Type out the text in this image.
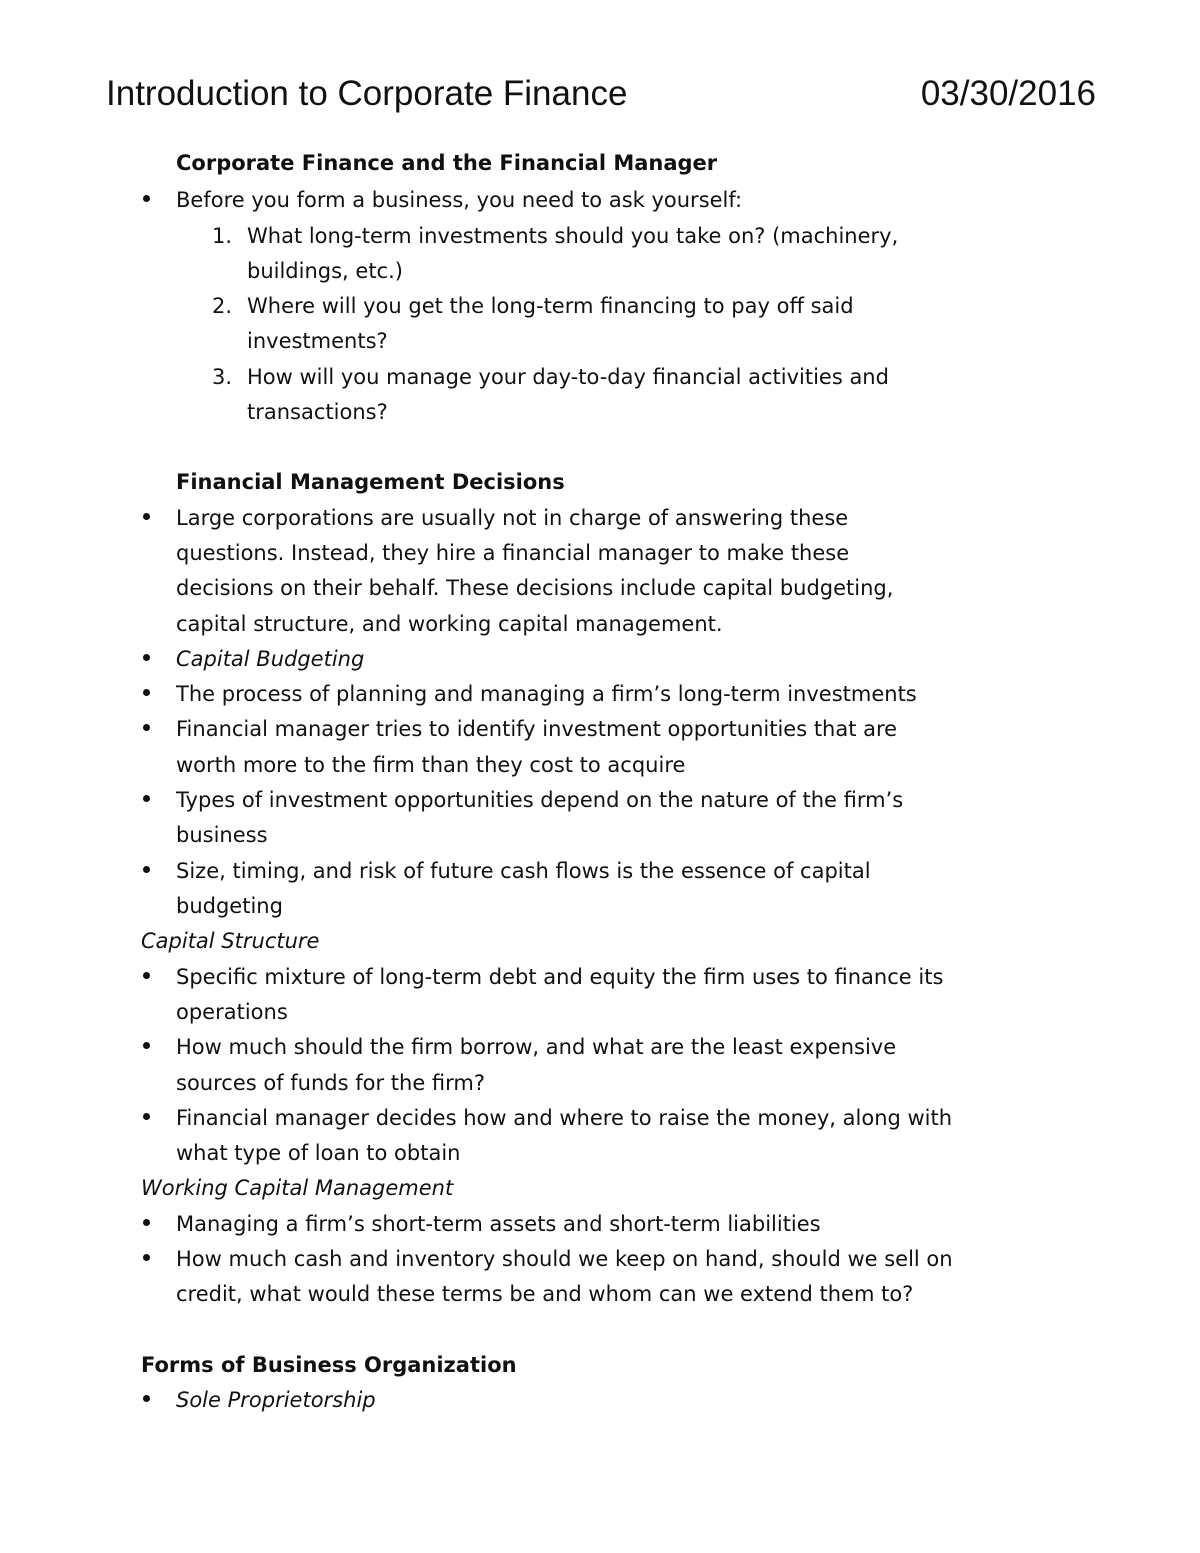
Introduction to Corporate Finance	03/30/2016

Corporate Finance and the Financial Manager

Before you form a business, you need to ask yourself:

1. What long-term investments should you take on? (machinery,

buildings, etc.)

2. Where will you get the long-term financing to pay off said

investments?

3. How will you manage your day-to-day financial activities and

transactions?

Financial Management Decisions

Large corporations are usually not in charge of answering these

questions. Instead, they hire a financial manager to make these

decisions on their behalf. These decisions include capital budgeting,

capital structure, and working capital management.

Capital Budgeting

The process of planning and managing a firm’s long-term investments

Financial manager tries to identify investment opportunities that are

worth more to the firm than they cost to acquire

Types of investment opportunities depend on the nature of the firm’s

business

Size, timing, and risk of future cash flows is the essence of capital

budgeting

Capital Structure

Specific mixture of long-term debt and equity the firm uses to finance its

operations

How much should the firm borrow, and what are the least expensive

sources of funds for the firm?

Financial manager decides how and where to raise the money, along with

what type of loan to obtain

Working Capital Management

Managing a firm’s short-term assets and short-term liabilities

How much cash and inventory should we keep on hand, should we sell on

credit, what would these terms be and whom can we extend them to?

Forms of Business Organization

Sole Proprietorship
